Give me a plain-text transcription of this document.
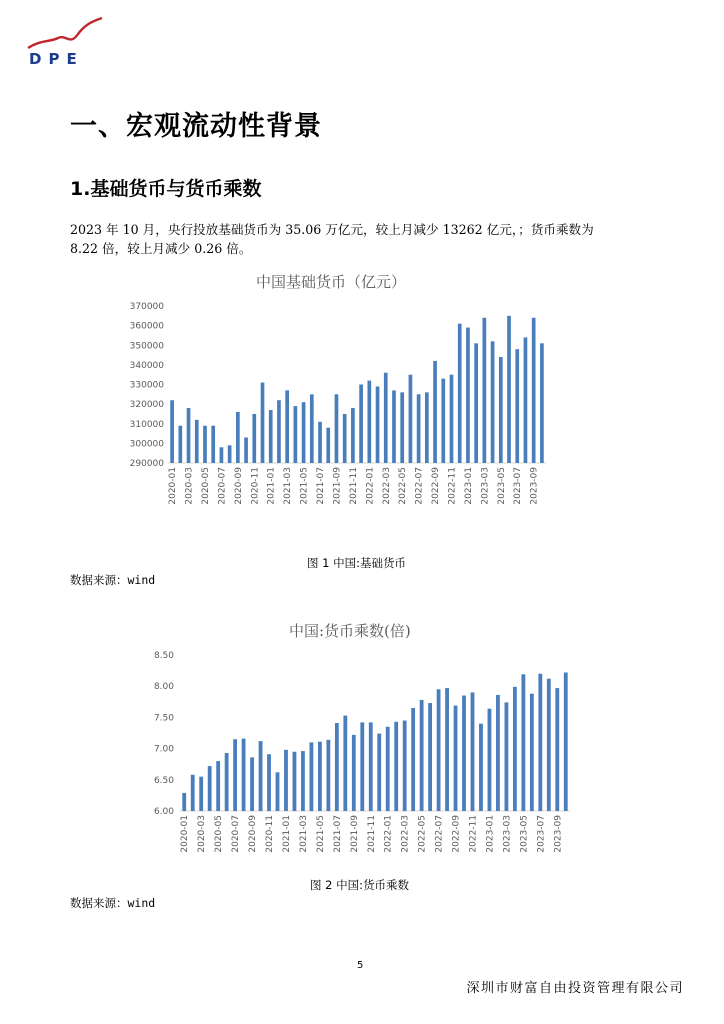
DPE
一、宏观流动性背景
1.基础货币与货币乘数
2023 年 10 月，央行投放基础货币为 35.06 万亿元，较上月减少 13262 亿元，；货币乘数为
8.22 倍，较上月减少 0.26 倍。
中国基础货币（亿元）
290000
300000
310000
320000
330000
340000
350000
360000
370000
2020-01 2020-03 2020-05 2020-07 2020-09 2020-11 2021-01 2021-03 2021-05 2021-07 2021-09 2021-11 2022-01 2022-03 2022-05 2022-07 2022-09 2022-11 2023-01 2023-03 2023-05 2023-07 2023-09
图 1 中国:基础货币
数据来源：wind
中国:货币乘数(倍)
6.00
6.50
7.00
7.50
8.00
8.50
2020-01 2020-03 2020-05 2020-07 2020-09 2020-11 2021-01 2021-03 2021-05 2021-07 2021-09 2021-11 2022-01 2022-03 2022-05 2022-07 2022-09 2022-11 2023-01 2023-03 2023-05 2023-07 2023-09
图 2 中国:货币乘数
数据来源：wind
5
深圳市财富自由投资管理有限公司
